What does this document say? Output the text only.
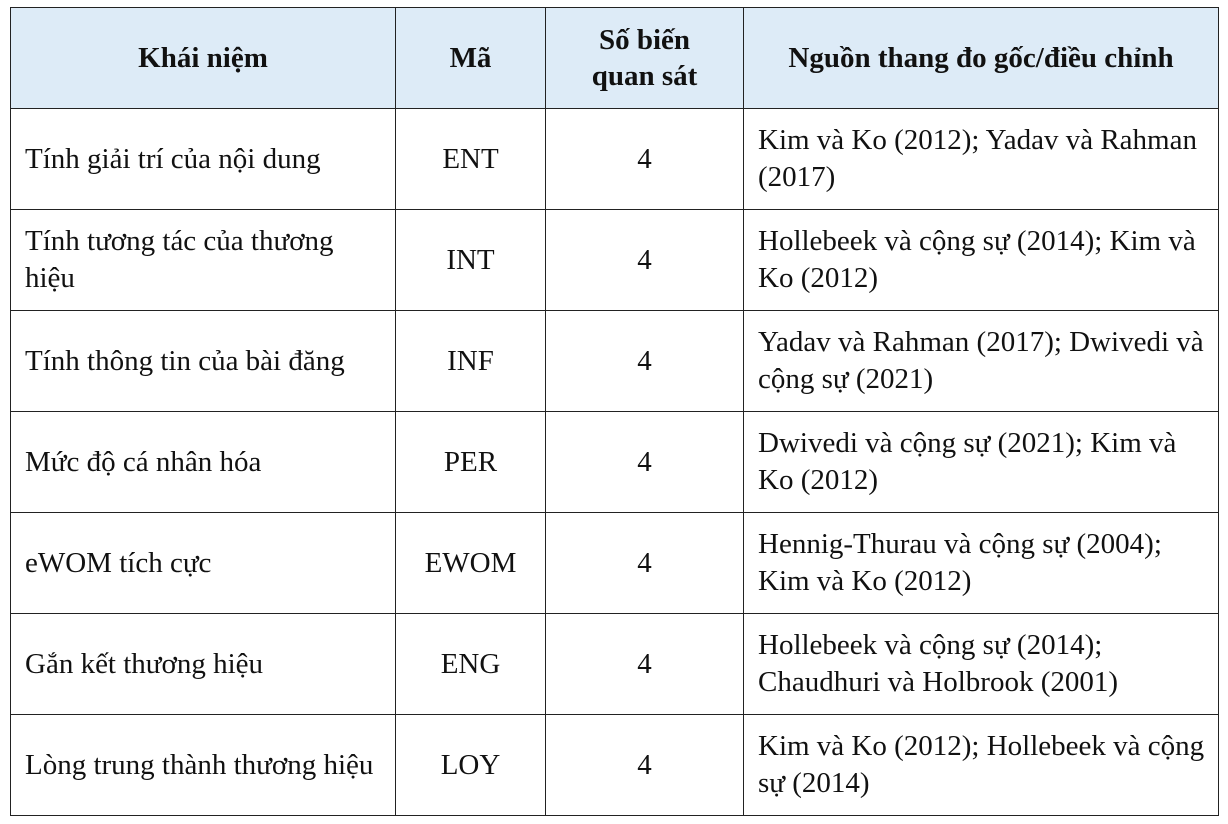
Khái niệm	Mã	Số biến quan sát	Nguồn thang đo gốc/điều chỉnh
Tính giải trí của nội dung	ENT	4	Kim và Ko (2012); Yadav và Rahman (2017)
Tính tương tác của thương hiệu	INT	4	Hollebeek và cộng sự (2014); Kim và Ko (2012)
Tính thông tin của bài đăng	INF	4	Yadav và Rahman (2017); Dwivedi và cộng sự (2021)
Mức độ cá nhân hóa	PER	4	Dwivedi và cộng sự (2021); Kim và Ko (2012)
eWOM tích cực	EWOM	4	Hennig-Thurau và cộng sự (2004); Kim và Ko (2012)
Gắn kết thương hiệu	ENG	4	Hollebeek và cộng sự (2014); Chaudhuri và Holbrook (2001)
Lòng trung thành thương hiệu	LOY	4	Kim và Ko (2012); Hollebeek và cộng sự (2014)
